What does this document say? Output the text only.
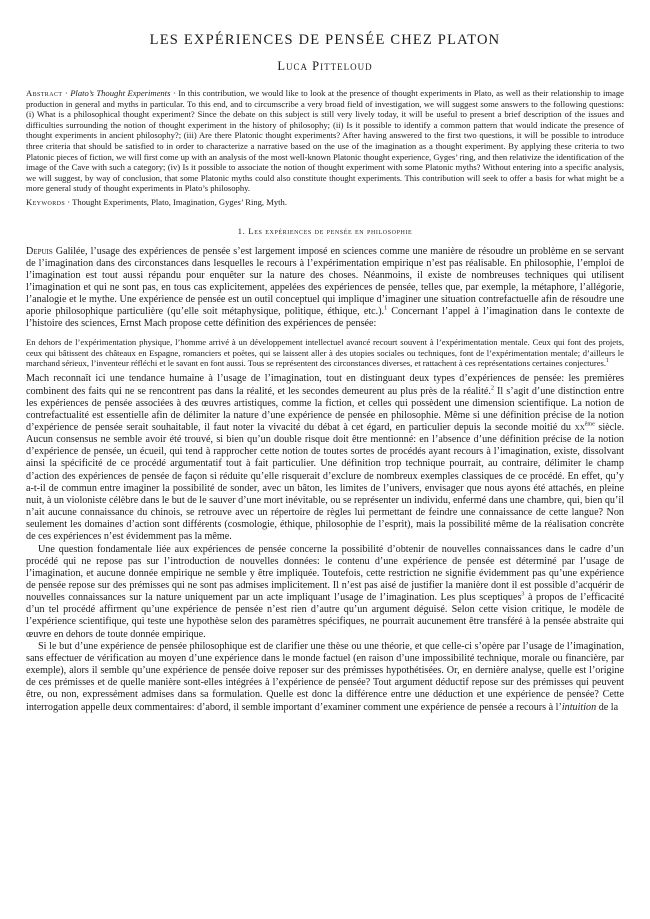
LES EXPÉRIENCES DE PENSÉE CHEZ PLATON
Luca Pitteloud

Abstract · Plato’s Thought Experiments · In this contribution, we would like to look at the presence of thought experiments in Plato, as well as their relationship to image production in general and myths in particular. To this end, and to circumscribe a very broad field of investigation, we will suggest some answers to the following questions: (i) What is a philosophical thought experiment? Since the debate on this subject is still very lively today, it will be useful to present a brief description of the issues and difficulties surrounding the notion of thought experiment in the history of philosophy; (ii) Is it possible to identify a common pattern that would indicate the presence of thought experiments in ancient philosophy?; (iii) Are there Platonic thought experiments? After having answered to the first two questions, it will be possible to introduce three criteria that should be satisfied to in order to characterize a narrative based on the use of the imagination as a thought experiment. By applying these criteria to two Platonic pieces of fiction, we will first come up with an analysis of the most well-known Platonic thought experience, Gyges’ ring, and then relativize the identification of the image of the Cave with such a category; (iv) Is it possible to associate the notion of thought experiment with some Platonic myths? Without entering into a specific analysis, we will suggest, by way of conclusion, that some Platonic myths could also constitute thought experiments. This contribution will seek to offer a basis for what might be a more general study of thought experiments in Plato’s philosophy.

Keywords · Thought Experiments, Plato, Imagination, Gyges’ Ring, Myth.

1. Les expériences de pensée en philosophie

Depuis Galilée, l’usage des expériences de pensée s’est largement imposé en sciences comme une manière de résoudre un problème en se servant de l’imagination dans des circonstances dans lesquelles le recours à l’expérimentation empirique n’est pas réalisable. En philosophie, l’emploi de l’imagination est tout aussi répandu pour enquêter sur la nature des choses. Néanmoins, il existe de nombreuses techniques qui utilisent l’imagination et qui ne sont pas, en tous cas explicitement, appelées des expériences de pensée, telles que, par exemple, la métaphore, l’allégorie, l’analogie et le mythe. Une expérience de pensée est un outil conceptuel qui implique d’imaginer une situation contrefactuelle afin de résoudre une aporie philosophique particulière (qu’elle soit métaphysique, politique, éthique, etc.).$^1$ Concernant l’appel à l’imagination dans le contexte de l’histoire des sciences, Ernst Mach propose cette définition des expériences de pensée:

En dehors de l’expérimentation physique, l’homme arrivé à un développement intellectuel avancé recourt souvent à l’expérimentation mentale. Ceux qui font des projets, ceux qui bâtissent des châteaux en Espagne, romanciers et poètes, qui se laissent aller à des utopies sociales ou techniques, font de l’expérimentation mentale; d’ailleurs le marchand sérieux, l’inventeur réfléchi et le savant en font aussi. Tous se représentent des circonstances diverses, et rattachent à ces représentations certaines conjectures.$^1$

Mach reconnaît ici une tendance humaine à l’usage de l’imagination, tout en distinguant deux types d’expériences de pensée: les premières combinent des faits qui ne se rencontrent pas dans la réalité, et les secondes demeurent au plus près de la réalité.$^2$ Il s’agit d’une distinction entre les expériences de pensée associées à des œuvres artistiques, comme la fiction, et celles qui possèdent une dimension scientifique. La notion de contrefactualité est essentielle afin de délimiter la nature d’une expérience de pensée en philosophie. Même si une définition précise de la notion d’expérience de pensée serait souhaitable, il faut noter la vivacité du débat à cet égard, en particulier depuis la seconde moitié du $xx^{ème}$ siècle. Aucun consensus ne semble avoir été trouvé, si bien qu’un double risque doit être mentionné: en l’absence d’une définition précise de la notion d’expérience de pensée, un écueil, qui tend à rapprocher cette notion de toutes sortes de procédés ayant recours à l’imagination, existe, dissolvant ainsi la spécificité de ce procédé argumentatif tout à fait particulier. Une définition trop technique pourrait, au contraire, délimiter le champ d’action des expériences de pensée de façon si réduite qu’elle risquerait d’exclure de nombreux exemples classiques de ce procédé. En effet, qu’y a-t-il de commun entre imaginer la possibilité de sonder, avec un bâton, les limites de l’univers, envisager que nous ayons été attachés, en pleine nuit, à un violoniste célèbre dans le but de le sauver d’une mort inévitable, ou se représenter un individu, enfermé dans une chambre, qui, bien qu’il n’ait aucune connaissance du chinois, se retrouve avec un répertoire de règles lui permettant de feindre une connaissance de cette langue? Non seulement les domaines d’action sont différents (cosmologie, éthique, philosophie de l’esprit), mais la possibilité même de la réalisation concrète de ces expériences n’est évidemment pas la même.

Une question fondamentale liée aux expériences de pensée concerne la possibilité d’obtenir de nouvelles connaissances dans le cadre d’un procédé qui ne repose pas sur l’introduction de nouvelles données: le contenu d’une expérience de pensée est déterminé par l’usage de l’imagination, et aucune donnée empirique ne semble y être impliquée. Toutefois, cette restriction ne signifie évidemment pas qu’une expérience de pensée repose sur des prémisses qui ne sont pas admises implicitement. Il n’est pas aisé de justifier la manière dont il est possible d’acquérir de nouvelles connaissances sur la nature uniquement par un acte impliquant l’usage de l’imagination. Les plus sceptiques$^3$ à propos de l’efficacité d’un tel procédé affirment qu’une expérience de pensée n’est rien d’autre qu’un argument déguisé. Selon cette vision critique, le modèle de l’expérience scientifique, qui teste une hypothèse selon des paramètres spécifiques, ne pourrait aucunement être transféré à la pensée abstraite qui œuvre en dehors de toute donnée empirique.

Si le but d’une expérience de pensée philosophique est de clarifier une thèse ou une théorie, et que celle-ci s’opère par l’usage de l’imagination, sans effectuer de vérification au moyen d’une expérience dans le monde factuel (en raison d’une impossibilité technique, morale ou financière, par exemple), alors il semble qu’une expérience de pensée doive reposer sur des prémisses hypothétisées. Or, en dernière analyse, quelle est l’origine de ces prémisses et de quelle manière sont-elles intégrées à l’expérience de pensée? Tout argument déductif repose sur des prémisses qui peuvent être, ou non, expressément admises dans sa formulation. Quelle est donc la différence entre une déduction et une expérience de pensée? Cette interrogation appelle deux commentaires: d’abord, il semble important d’examiner comment une expérience de pensée a recours à l’intuition de la
